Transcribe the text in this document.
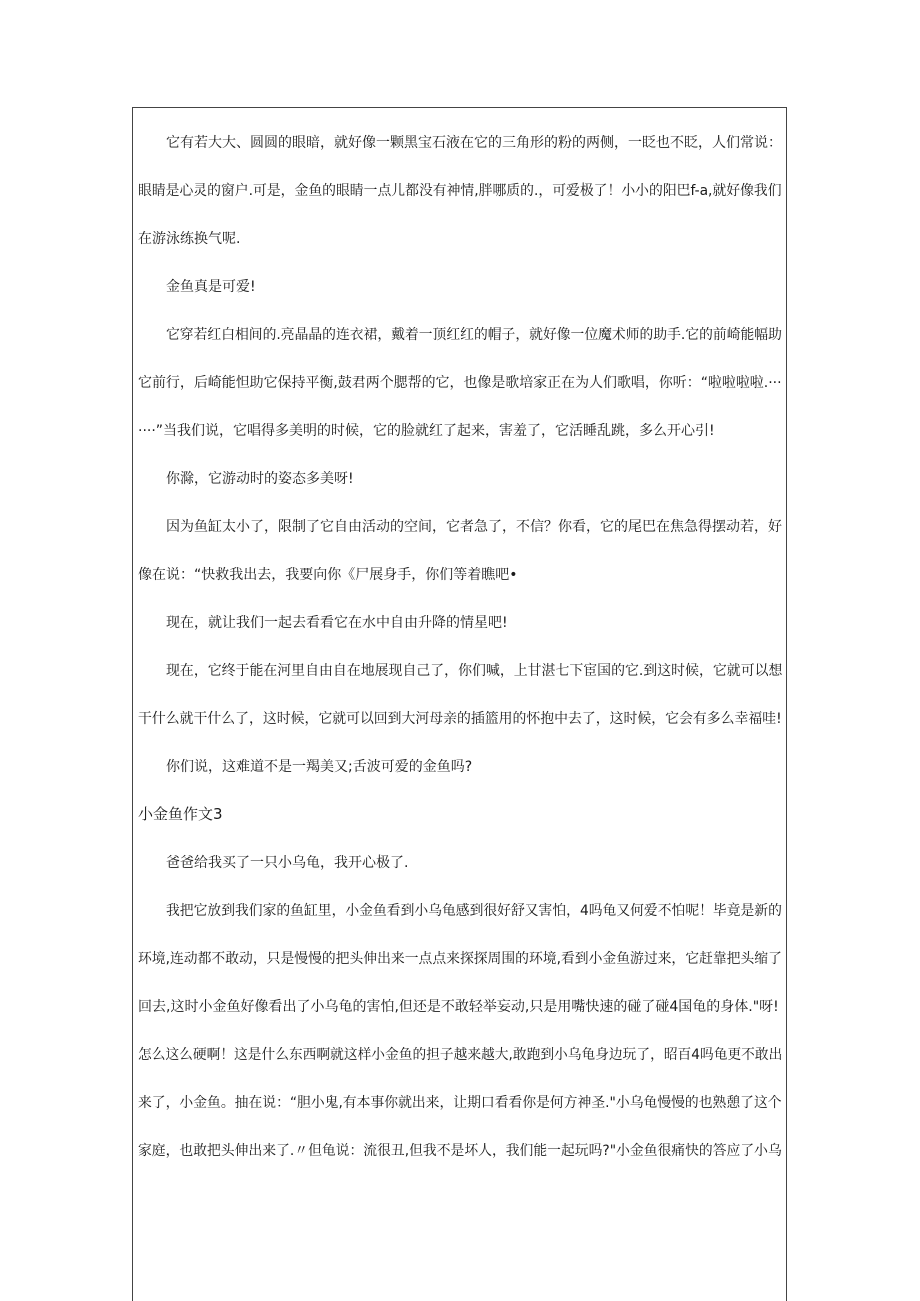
它有若大大、圆圆的眼暗，就好像一颗黑宝石液在它的三角形的粉的两侧，一眨也不眨，人们常说：
眼睛是心灵的窗户.可是，金鱼的眼睛一点儿都没有神情,胖哪质的.，可爱极了！小小的阳巴f-a,就好像我们
在游泳练换气呢.
金鱼真是可爱!
它穿若红白相间的.亮晶晶的连衣裙，戴着一顶红红的帽子，就好像一位魔术师的助手.它的前崎能幅助
它前行，后崎能怛助它保持平衡,鼓君两个腮帮的它，也像是歌培家正在为人们歌唱，你听：“啦啦啦啦.···
····”当我们说，它唱得多美明的时候，它的脸就红了起来，害羞了，它活睡乱跳，多么开心引!
你滁，它游动时的姿态多美呀!
因为鱼缸太小了，限制了它自由活动的空间，它者急了，不信？你看，它的尾巴在焦急得摆动若，好
像在说：“快救我出去，我要向你《尸展身手，你们等着瞧吧•
现在，就让我们一起去看看它在水中自由升降的情星吧!
现在，它终于能在河里自由自在地展现自己了，你们喊，上甘湛七下宦国的它.到这时候，它就可以想
干什么就干什么了，这时候，它就可以回到大河母亲的插篮用的怀抱中去了，这时候，它会有多么幸福哇!
你们说，这难道不是一羯美又;舌波可爱的金鱼吗?
小金鱼作文3
爸爸给我买了一只小乌龟，我开心极了.
我把它放到我们家的鱼缸里，小金鱼看到小乌龟感到很好舒又害怕，4吗龟又何爱不怕呢！毕竟是新的
环境,连动都不敢动，只是慢慢的把头伸出来一点点来探探周围的环境,看到小金鱼游过来，它赶靠把头缩了
回去,这时小金鱼好像看出了小乌龟的害怕,但还是不敢轻举妄动,只是用嘴快速的碰了碰4国龟的身体."呀!
怎么这么硬啊！这是什么东西啊就这样小金鱼的担子越来越大,敢跑到小乌龟身边玩了，昭百4吗龟更不敢出
来了，小金鱼。抽在说：“胆小鬼,有本事你就出来，让期口看看你是何方神圣."小乌龟慢慢的也熟憩了这个
家庭，也敢把头伸出来了.〃但龟说：流很丑,但我不是坏人，我们能一起玩吗?"小金鱼很痛快的答应了小乌
